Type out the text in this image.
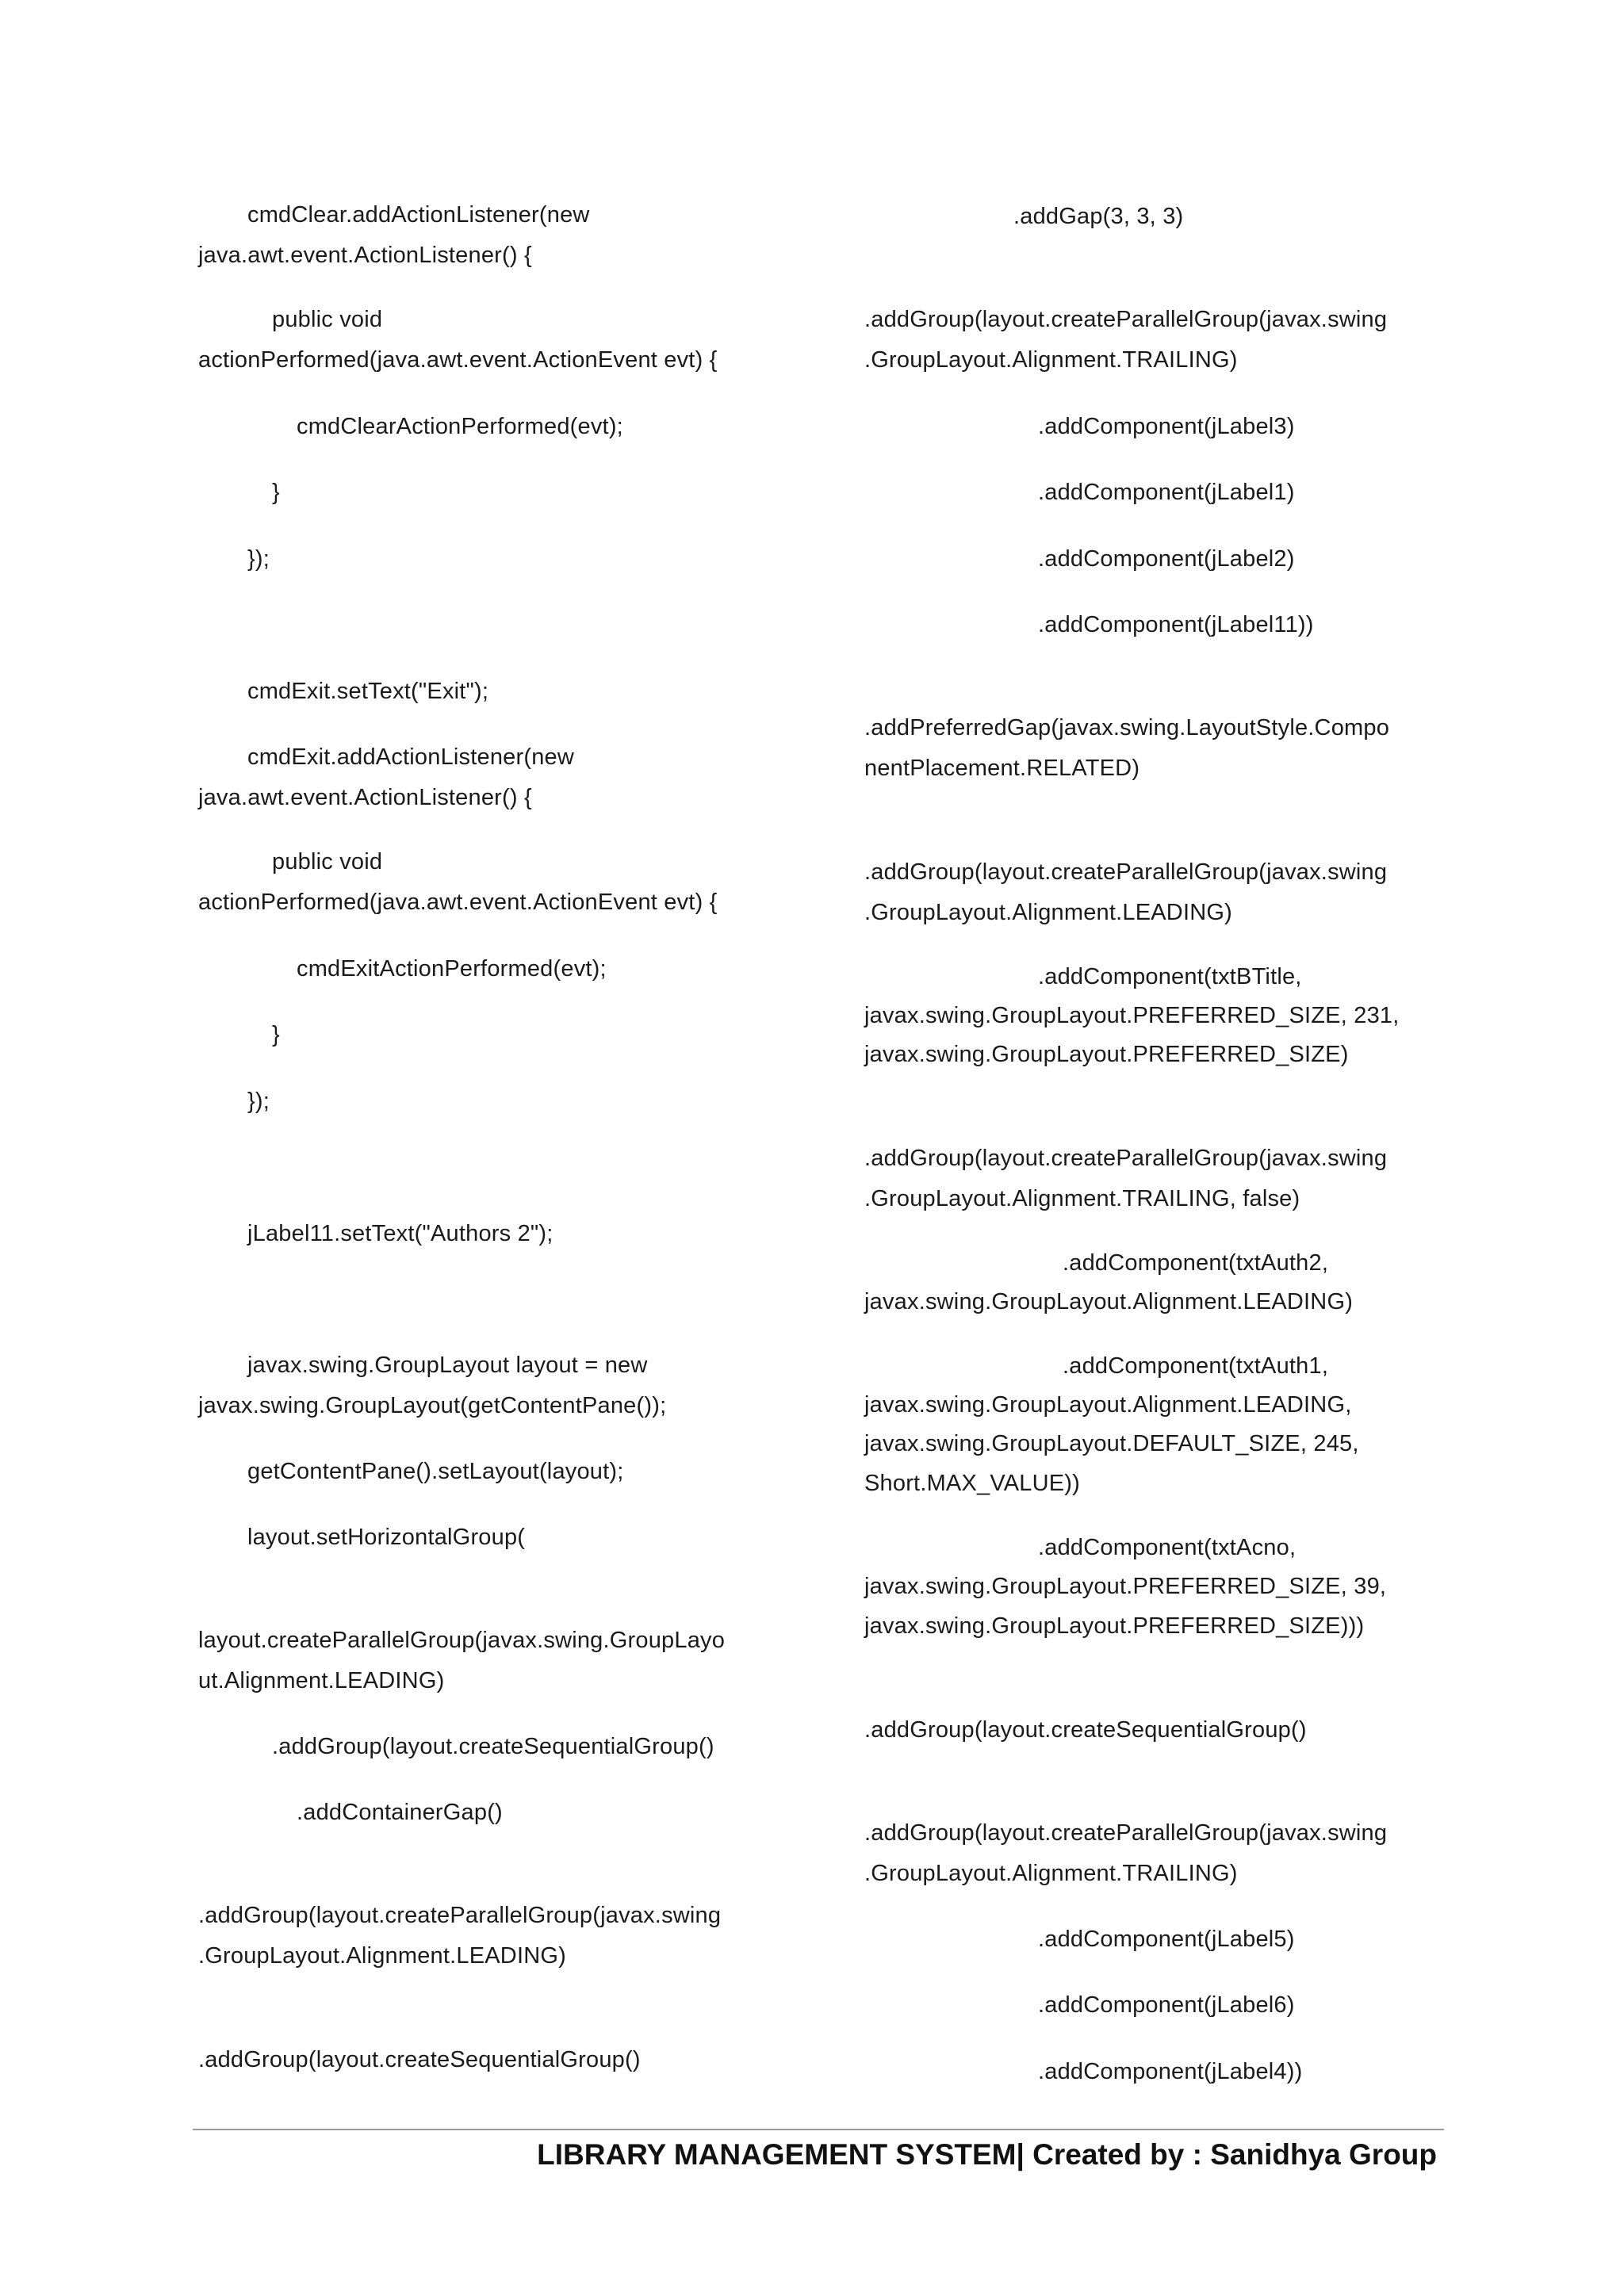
cmdClear.addActionListener(new
java.awt.event.ActionListener() {
public void
actionPerformed(java.awt.event.ActionEvent evt) {
cmdClearActionPerformed(evt);
}
});
cmdExit.setText("Exit");
cmdExit.addActionListener(new
java.awt.event.ActionListener() {
public void
actionPerformed(java.awt.event.ActionEvent evt) {
cmdExitActionPerformed(evt);
}
});
jLabel11.setText("Authors 2");
javax.swing.GroupLayout layout = new
javax.swing.GroupLayout(getContentPane());
getContentPane().setLayout(layout);
layout.setHorizontalGroup(
layout.createParallelGroup(javax.swing.GroupLayo
ut.Alignment.LEADING)
.addGroup(layout.createSequentialGroup()
.addContainerGap()
.addGroup(layout.createParallelGroup(javax.swing
.GroupLayout.Alignment.LEADING)
.addGroup(layout.createSequentialGroup()
.addGap(3, 3, 3)
.addGroup(layout.createParallelGroup(javax.swing
.GroupLayout.Alignment.TRAILING)
.addComponent(jLabel3)
.addComponent(jLabel1)
.addComponent(jLabel2)
.addComponent(jLabel11))
.addPreferredGap(javax.swing.LayoutStyle.Compo
nentPlacement.RELATED)
.addGroup(layout.createParallelGroup(javax.swing
.GroupLayout.Alignment.LEADING)
.addComponent(txtBTitle,
javax.swing.GroupLayout.PREFERRED_SIZE, 231,
javax.swing.GroupLayout.PREFERRED_SIZE)
.addGroup(layout.createParallelGroup(javax.swing
.GroupLayout.Alignment.TRAILING, false)
.addComponent(txtAuth2,
javax.swing.GroupLayout.Alignment.LEADING)
.addComponent(txtAuth1,
javax.swing.GroupLayout.Alignment.LEADING,
javax.swing.GroupLayout.DEFAULT_SIZE, 245,
Short.MAX_VALUE))
.addComponent(txtAcno,
javax.swing.GroupLayout.PREFERRED_SIZE, 39,
javax.swing.GroupLayout.PREFERRED_SIZE)))
.addGroup(layout.createSequentialGroup()
.addGroup(layout.createParallelGroup(javax.swing
.GroupLayout.Alignment.TRAILING)
.addComponent(jLabel5)
.addComponent(jLabel6)
.addComponent(jLabel4))
LIBRARY MANAGEMENT SYSTEM| Created by : Sanidhya Group
